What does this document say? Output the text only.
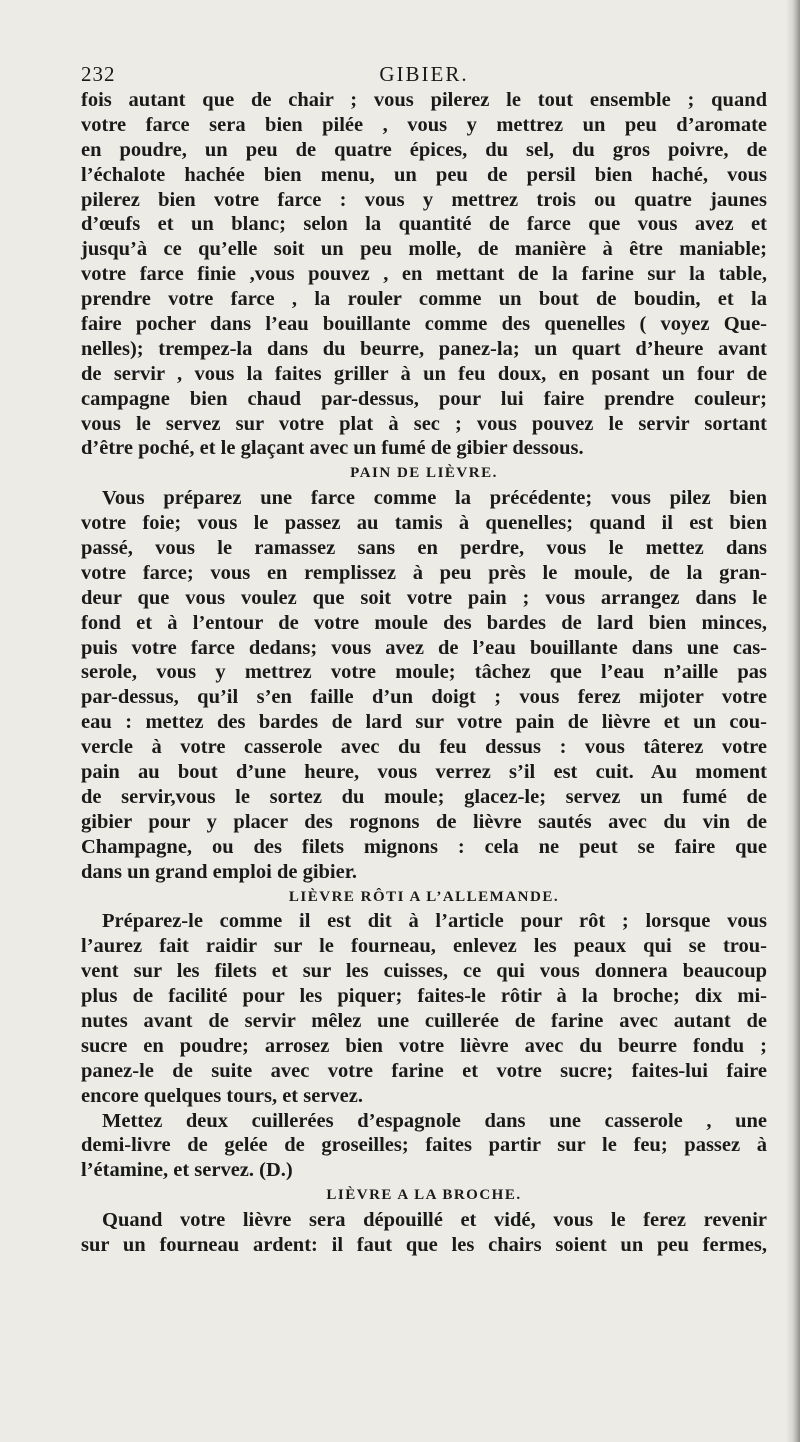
232	GIBIER.
fois autant que de chair ; vous pilerez le tout ensemble ; quand
votre farce sera bien pilée , vous y mettrez un peu d’aromate
en poudre, un peu de quatre épices, du sel, du gros poivre, de
l’échalote hachée bien menu, un peu de persil bien haché, vous
pilerez bien votre farce : vous y mettrez trois ou quatre jaunes
d’œufs et un blanc; selon la quantité de farce que vous avez et
jusqu’à ce qu’elle soit un peu molle, de manière à être maniable;
votre farce finie ,vous pouvez , en mettant de la farine sur la table,
prendre votre farce , la rouler comme un bout de boudin, et la
faire pocher dans l’eau bouillante comme des quenelles ( voyez Que-
nelles); trempez-la dans du beurre, panez-la; un quart d’heure avant
de servir , vous la faites griller à un feu doux, en posant un four de
campagne bien chaud par-dessus, pour lui faire prendre couleur;
vous le servez sur votre plat à sec ; vous pouvez le servir sortant
d’être poché, et le glaçant avec un fumé de gibier dessous.
PAIN DE LIÈVRE.
Vous préparez une farce comme la précédente; vous pilez bien
votre foie; vous le passez au tamis à quenelles; quand il est bien
passé, vous le ramassez sans en perdre, vous le mettez dans
votre farce; vous en remplissez à peu près le moule, de la gran-
deur que vous voulez que soit votre pain ; vous arrangez dans le
fond et à l’entour de votre moule des bardes de lard bien minces,
puis votre farce dedans; vous avez de l’eau bouillante dans une cas-
serole, vous y mettrez votre moule; tâchez que l’eau n’aille pas
par-dessus, qu’il s’en faille d’un doigt ; vous ferez mijoter votre
eau : mettez des bardes de lard sur votre pain de lièvre et un cou-
vercle à votre casserole avec du feu dessus : vous tâterez votre
pain au bout d’une heure, vous verrez s’il est cuit. Au moment
de servir,vous le sortez du moule; glacez-le; servez un fumé de
gibier pour y placer des rognons de lièvre sautés avec du vin de
Champagne, ou des filets mignons : cela ne peut se faire que
dans un grand emploi de gibier.
LIÈVRE RÔTI A L’ALLEMANDE.
Préparez-le comme il est dit à l’article pour rôt ; lorsque vous
l’aurez fait raidir sur le fourneau, enlevez les peaux qui se trou-
vent sur les filets et sur les cuisses, ce qui vous donnera beaucoup
plus de facilité pour les piquer; faites-le rôtir à la broche; dix mi-
nutes avant de servir mêlez une cuillerée de farine avec autant de
sucre en poudre; arrosez bien votre lièvre avec du beurre fondu ;
panez-le de suite avec votre farine et votre sucre; faites-lui faire
encore quelques tours, et servez.
Mettez deux cuillerées d’espagnole dans une casserole , une
demi-livre de gelée de groseilles; faites partir sur le feu; passez à
l’étamine, et servez. (D.)
LIÈVRE A LA BROCHE.
Quand votre lièvre sera dépouillé et vidé, vous le ferez revenir
sur un fourneau ardent: il faut que les chairs soient un peu fermes,
